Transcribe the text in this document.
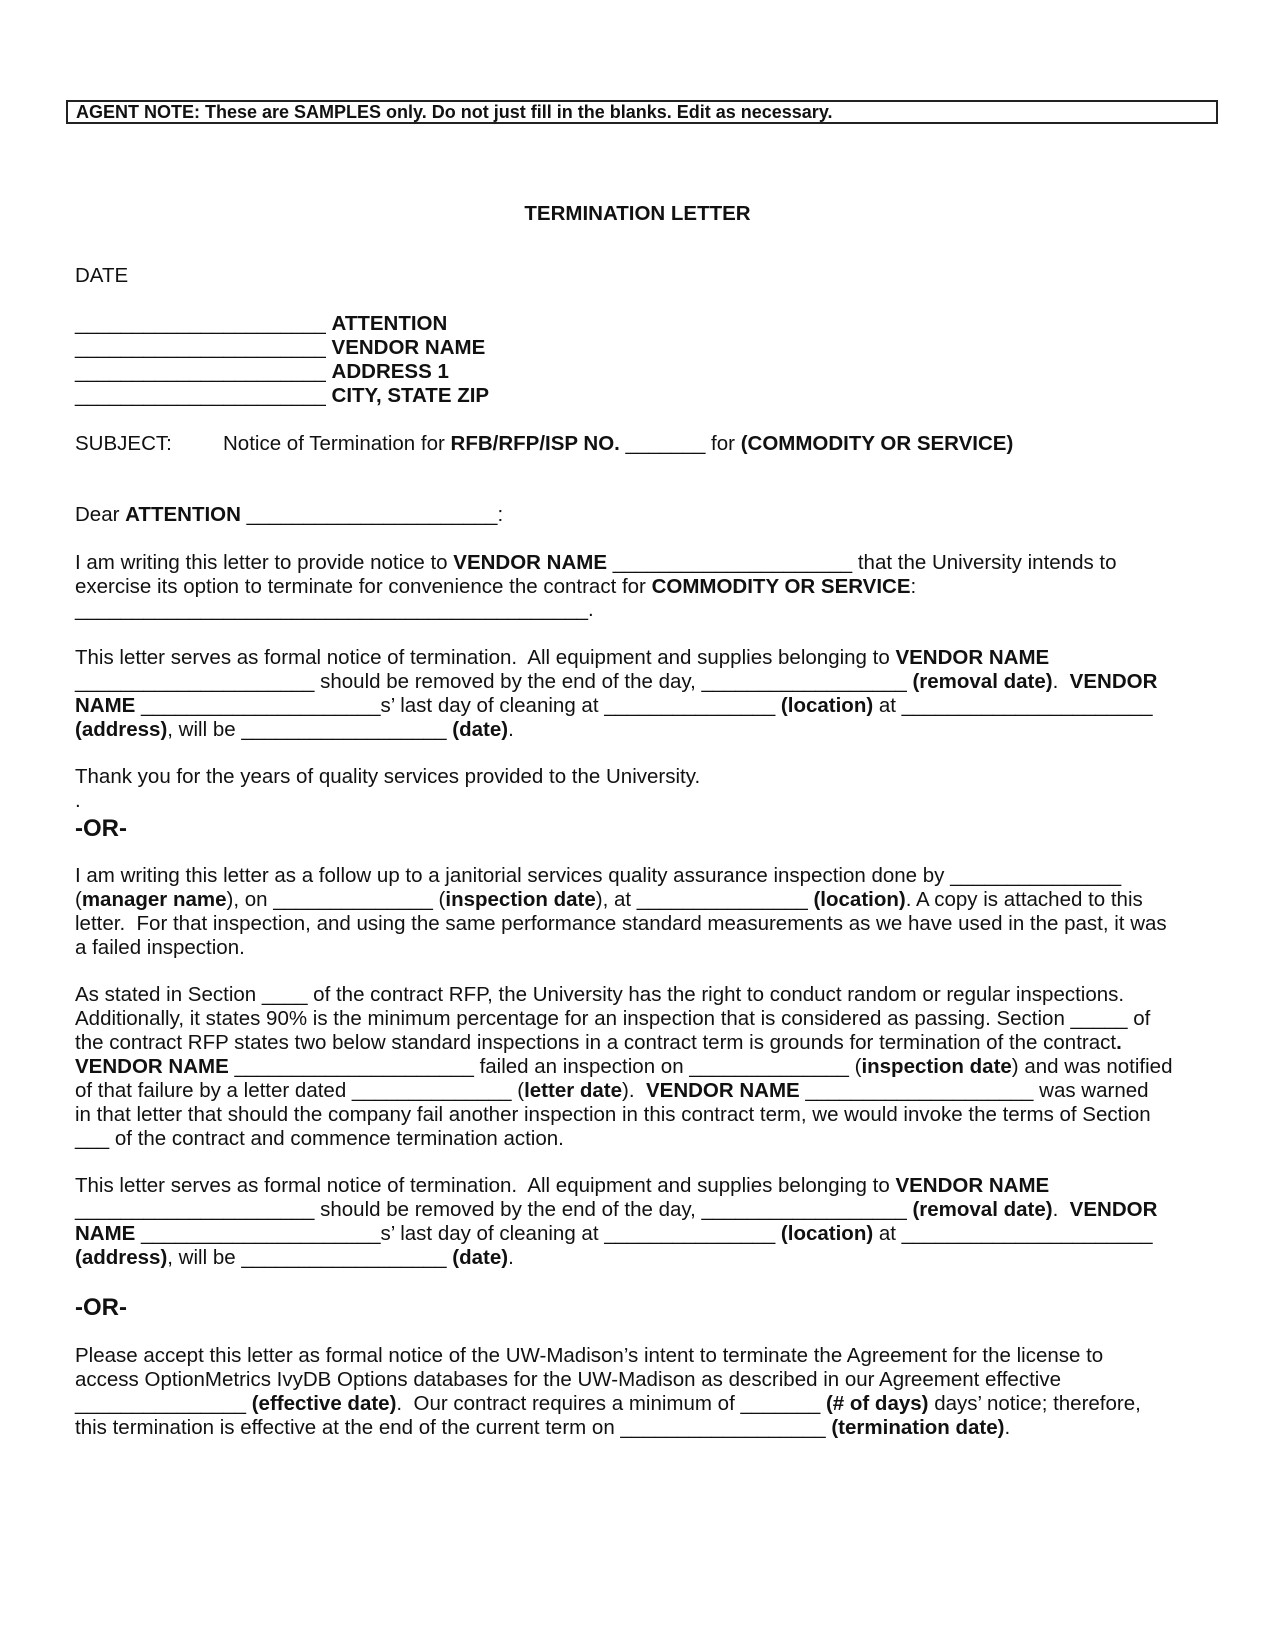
AGENT NOTE: These are SAMPLES only. Do not just fill in the blanks. Edit as necessary.
TERMINATION LETTER
DATE
______________________ ATTENTION
______________________ VENDOR NAME
______________________ ADDRESS 1
______________________ CITY, STATE ZIP
SUBJECT: Notice of Termination for RFB/RFP/ISP NO. _______ for (COMMODITY OR SERVICE)
Dear ATTENTION ______________________:
I am writing this letter to provide notice to VENDOR NAME _____________________ that the University intends to
exercise its option to terminate for convenience the contract for COMMODITY OR SERVICE:
_____________________________________________.
This letter serves as formal notice of termination.  All equipment and supplies belonging to VENDOR NAME
_____________________ should be removed by the end of the day, __________________ (removal date).  VENDOR
NAME _____________________s’ last day of cleaning at _______________ (location) at ______________________
(address), will be __________________ (date).
Thank you for the years of quality services provided to the University.
.
-OR-
I am writing this letter as a follow up to a janitorial services quality assurance inspection done by _______________
(manager name), on ______________ (inspection date), at _______________ (location). A copy is attached to this
letter.  For that inspection, and using the same performance standard measurements as we have used in the past, it was
a failed inspection.
As stated in Section ____ of the contract RFP, the University has the right to conduct random or regular inspections.
Additionally, it states 90% is the minimum percentage for an inspection that is considered as passing. Section _____ of
the contract RFP states two below standard inspections in a contract term is grounds for termination of the contract.
VENDOR NAME _____________________ failed an inspection on ______________ (inspection date) and was notified
of that failure by a letter dated ______________ (letter date).  VENDOR NAME ____________________ was warned
in that letter that should the company fail another inspection in this contract term, we would invoke the terms of Section
___ of the contract and commence termination action.
This letter serves as formal notice of termination.  All equipment and supplies belonging to VENDOR NAME
_____________________ should be removed by the end of the day, __________________ (removal date).  VENDOR
NAME _____________________s’ last day of cleaning at _______________ (location) at ______________________
(address), will be __________________ (date).
-OR-
Please accept this letter as formal notice of the UW-Madison’s intent to terminate the Agreement for the license to
access OptionMetrics IvyDB Options databases for the UW-Madison as described in our Agreement effective
_______________ (effective date).  Our contract requires a minimum of _______ (# of days) days’ notice; therefore,
this termination is effective at the end of the current term on __________________ (termination date).
